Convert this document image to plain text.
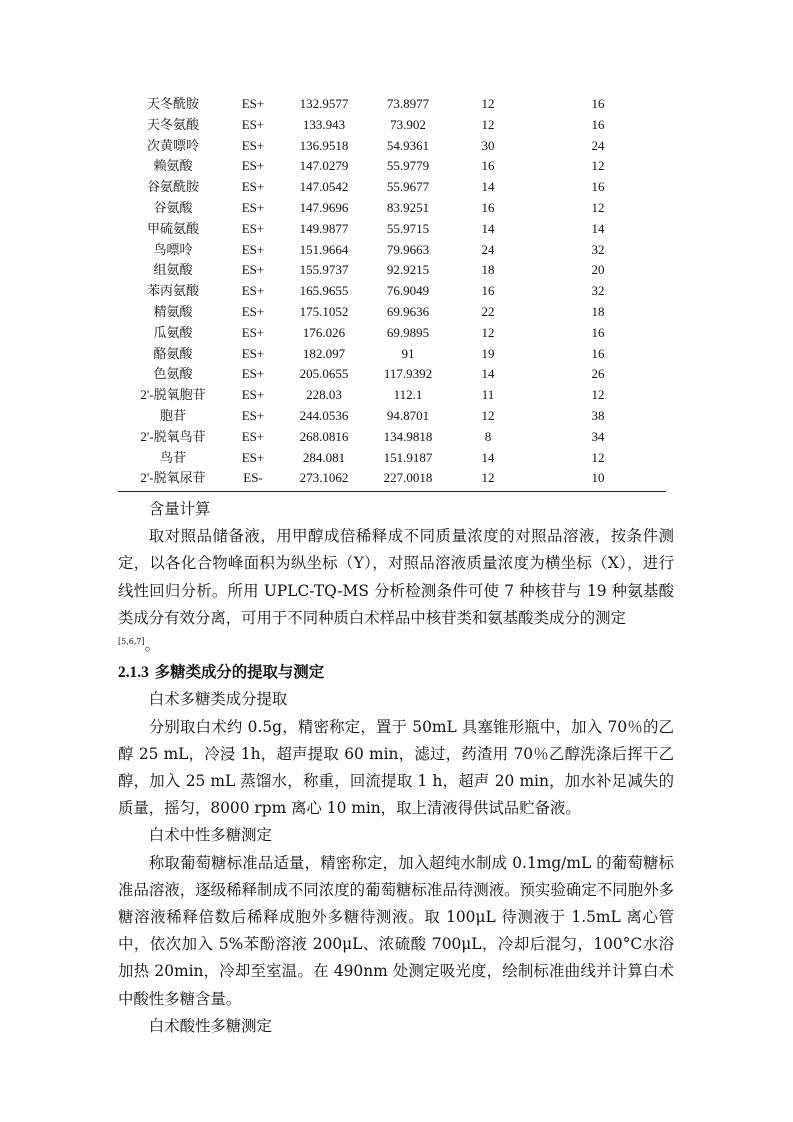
天冬酰胺	ES+	132.9577	73.8977	12	16
天冬氨酸	ES+	133.943	73.902	12	16
次黄嘌呤	ES+	136.9518	54.9361	30	24
赖氨酸	ES+	147.0279	55.9779	16	12
谷氨酰胺	ES+	147.0542	55.9677	14	16
谷氨酸	ES+	147.9696	83.9251	16	12
甲硫氨酸	ES+	149.9877	55.9715	14	14
鸟嘌呤	ES+	151.9664	79.9663	24	32
组氨酸	ES+	155.9737	92.9215	18	20
苯丙氨酸	ES+	165.9655	76.9049	16	32
精氨酸	ES+	175.1052	69.9636	22	18
瓜氨酸	ES+	176.026	69.9895	12	16
酪氨酸	ES+	182.097	91	19	16
色氨酸	ES+	205.0655	117.9392	14	26
2'-脱氧胞苷	ES+	228.03	112.1	11	12
胞苷	ES+	244.0536	94.8701	12	38
2'-脱氧鸟苷	ES+	268.0816	134.9818	8	34
鸟苷	ES+	284.081	151.9187	14	12
2'-脱氧尿苷	ES-	273.1062	227.0018	12	10

含量计算

取对照品储备液，用甲醇成倍稀释成不同质量浓度的对照品溶液，按条件测定，以各化合物峰面积为纵坐标（Y），对照品溶液质量浓度为横坐标（X），进行线性回归分析。所用 UPLC-TQ-MS 分析检测条件可使 7 种核苷与 19 种氨基酸类成分有效分离，可用于不同种质白术样品中核苷类和氨基酸类成分的测定
[5,6,7]。

2.1.3 多糖类成分的提取与测定

白术多糖类成分提取

分别取白术约 0.5g，精密称定，置于 50mL 具塞锥形瓶中，加入 70％的乙醇 25 mL，冷浸 1h，超声提取 60 min，滤过，药渣用 70％乙醇洗涤后挥干乙醇，加入 25 mL 蒸馏水，称重，回流提取 1 h，超声 20 min，加水补足减失的质量，摇匀，8000 rpm 离心 10 min，取上清液得供试品贮备液。

白术中性多糖测定

称取葡萄糖标准品适量，精密称定，加入超纯水制成 0.1mg/mL 的葡萄糖标准品溶液，逐级稀释制成不同浓度的葡萄糖标准品待测液。预实验确定不同胞外多糖溶液稀释倍数后稀释成胞外多糖待测液。取 100μL 待测液于 1.5mL 离心管中，依次加入 5%苯酚溶液 200μL、浓硫酸 700μL，冷却后混匀，100°C水浴加热 20min，冷却至室温。在 490nm 处测定吸光度，绘制标准曲线并计算白术中酸性多糖含量。

白术酸性多糖测定
